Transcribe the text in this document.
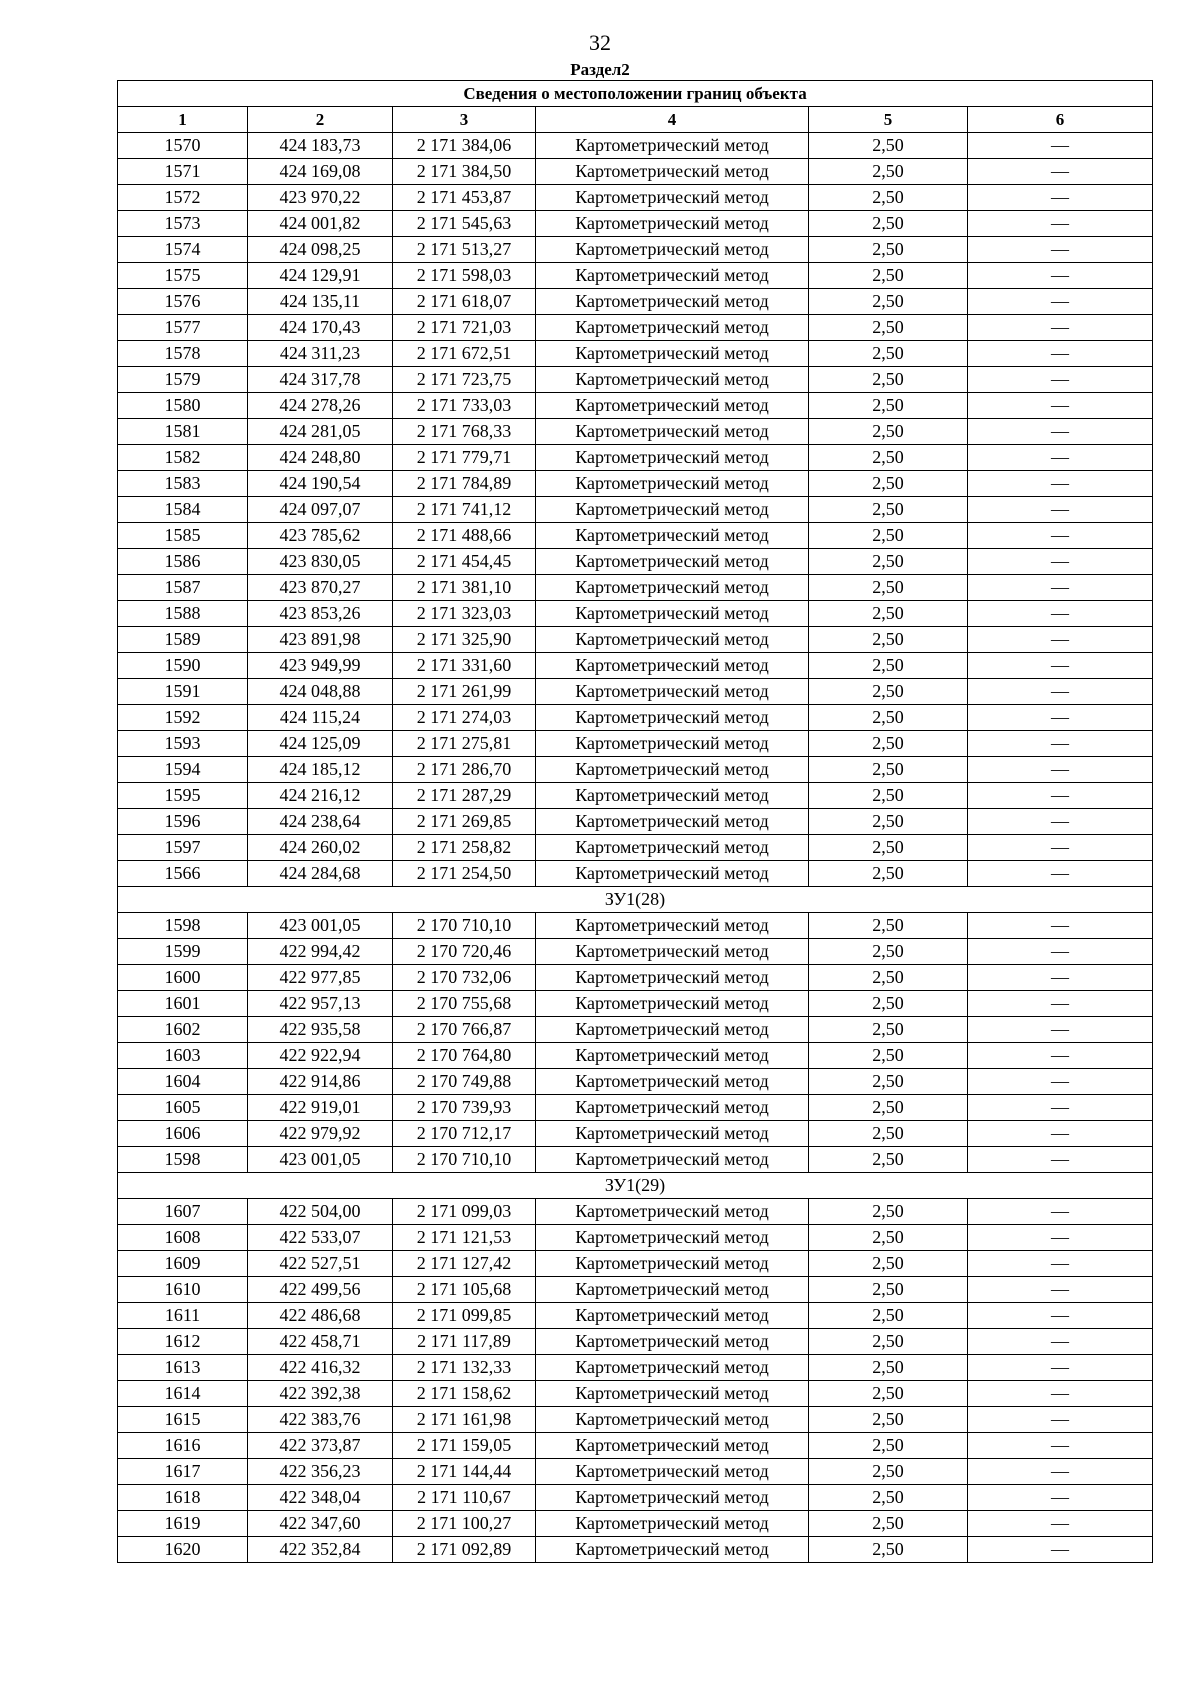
32
Раздел2
Сведения о местоположении границ объекта					
1	2	3	4	5	6
1570	424 183,73	2 171 384,06	Картометрический метод	2,50	—
1571	424 169,08	2 171 384,50	Картометрический метод	2,50	—
1572	423 970,22	2 171 453,87	Картометрический метод	2,50	—
1573	424 001,82	2 171 545,63	Картометрический метод	2,50	—
1574	424 098,25	2 171 513,27	Картометрический метод	2,50	—
1575	424 129,91	2 171 598,03	Картометрический метод	2,50	—
1576	424 135,11	2 171 618,07	Картометрический метод	2,50	—
1577	424 170,43	2 171 721,03	Картометрический метод	2,50	—
1578	424 311,23	2 171 672,51	Картометрический метод	2,50	—
1579	424 317,78	2 171 723,75	Картометрический метод	2,50	—
1580	424 278,26	2 171 733,03	Картометрический метод	2,50	—
1581	424 281,05	2 171 768,33	Картометрический метод	2,50	—
1582	424 248,80	2 171 779,71	Картометрический метод	2,50	—
1583	424 190,54	2 171 784,89	Картометрический метод	2,50	—
1584	424 097,07	2 171 741,12	Картометрический метод	2,50	—
1585	423 785,62	2 171 488,66	Картометрический метод	2,50	—
1586	423 830,05	2 171 454,45	Картометрический метод	2,50	—
1587	423 870,27	2 171 381,10	Картометрический метод	2,50	—
1588	423 853,26	2 171 323,03	Картометрический метод	2,50	—
1589	423 891,98	2 171 325,90	Картометрический метод	2,50	—
1590	423 949,99	2 171 331,60	Картометрический метод	2,50	—
1591	424 048,88	2 171 261,99	Картометрический метод	2,50	—
1592	424 115,24	2 171 274,03	Картометрический метод	2,50	—
1593	424 125,09	2 171 275,81	Картометрический метод	2,50	—
1594	424 185,12	2 171 286,70	Картометрический метод	2,50	—
1595	424 216,12	2 171 287,29	Картометрический метод	2,50	—
1596	424 238,64	2 171 269,85	Картометрический метод	2,50	—
1597	424 260,02	2 171 258,82	Картометрический метод	2,50	—
1566	424 284,68	2 171 254,50	Картометрический метод	2,50	—
ЗУ1(28)					
1598	423 001,05	2 170 710,10	Картометрический метод	2,50	—
1599	422 994,42	2 170 720,46	Картометрический метод	2,50	—
1600	422 977,85	2 170 732,06	Картометрический метод	2,50	—
1601	422 957,13	2 170 755,68	Картометрический метод	2,50	—
1602	422 935,58	2 170 766,87	Картометрический метод	2,50	—
1603	422 922,94	2 170 764,80	Картометрический метод	2,50	—
1604	422 914,86	2 170 749,88	Картометрический метод	2,50	—
1605	422 919,01	2 170 739,93	Картометрический метод	2,50	—
1606	422 979,92	2 170 712,17	Картометрический метод	2,50	—
1598	423 001,05	2 170 710,10	Картометрический метод	2,50	—
ЗУ1(29)					
1607	422 504,00	2 171 099,03	Картометрический метод	2,50	—
1608	422 533,07	2 171 121,53	Картометрический метод	2,50	—
1609	422 527,51	2 171 127,42	Картометрический метод	2,50	—
1610	422 499,56	2 171 105,68	Картометрический метод	2,50	—
1611	422 486,68	2 171 099,85	Картометрический метод	2,50	—
1612	422 458,71	2 171 117,89	Картометрический метод	2,50	—
1613	422 416,32	2 171 132,33	Картометрический метод	2,50	—
1614	422 392,38	2 171 158,62	Картометрический метод	2,50	—
1615	422 383,76	2 171 161,98	Картометрический метод	2,50	—
1616	422 373,87	2 171 159,05	Картометрический метод	2,50	—
1617	422 356,23	2 171 144,44	Картометрический метод	2,50	—
1618	422 348,04	2 171 110,67	Картометрический метод	2,50	—
1619	422 347,60	2 171 100,27	Картометрический метод	2,50	—
1620	422 352,84	2 171 092,89	Картометрический метод	2,50	—
